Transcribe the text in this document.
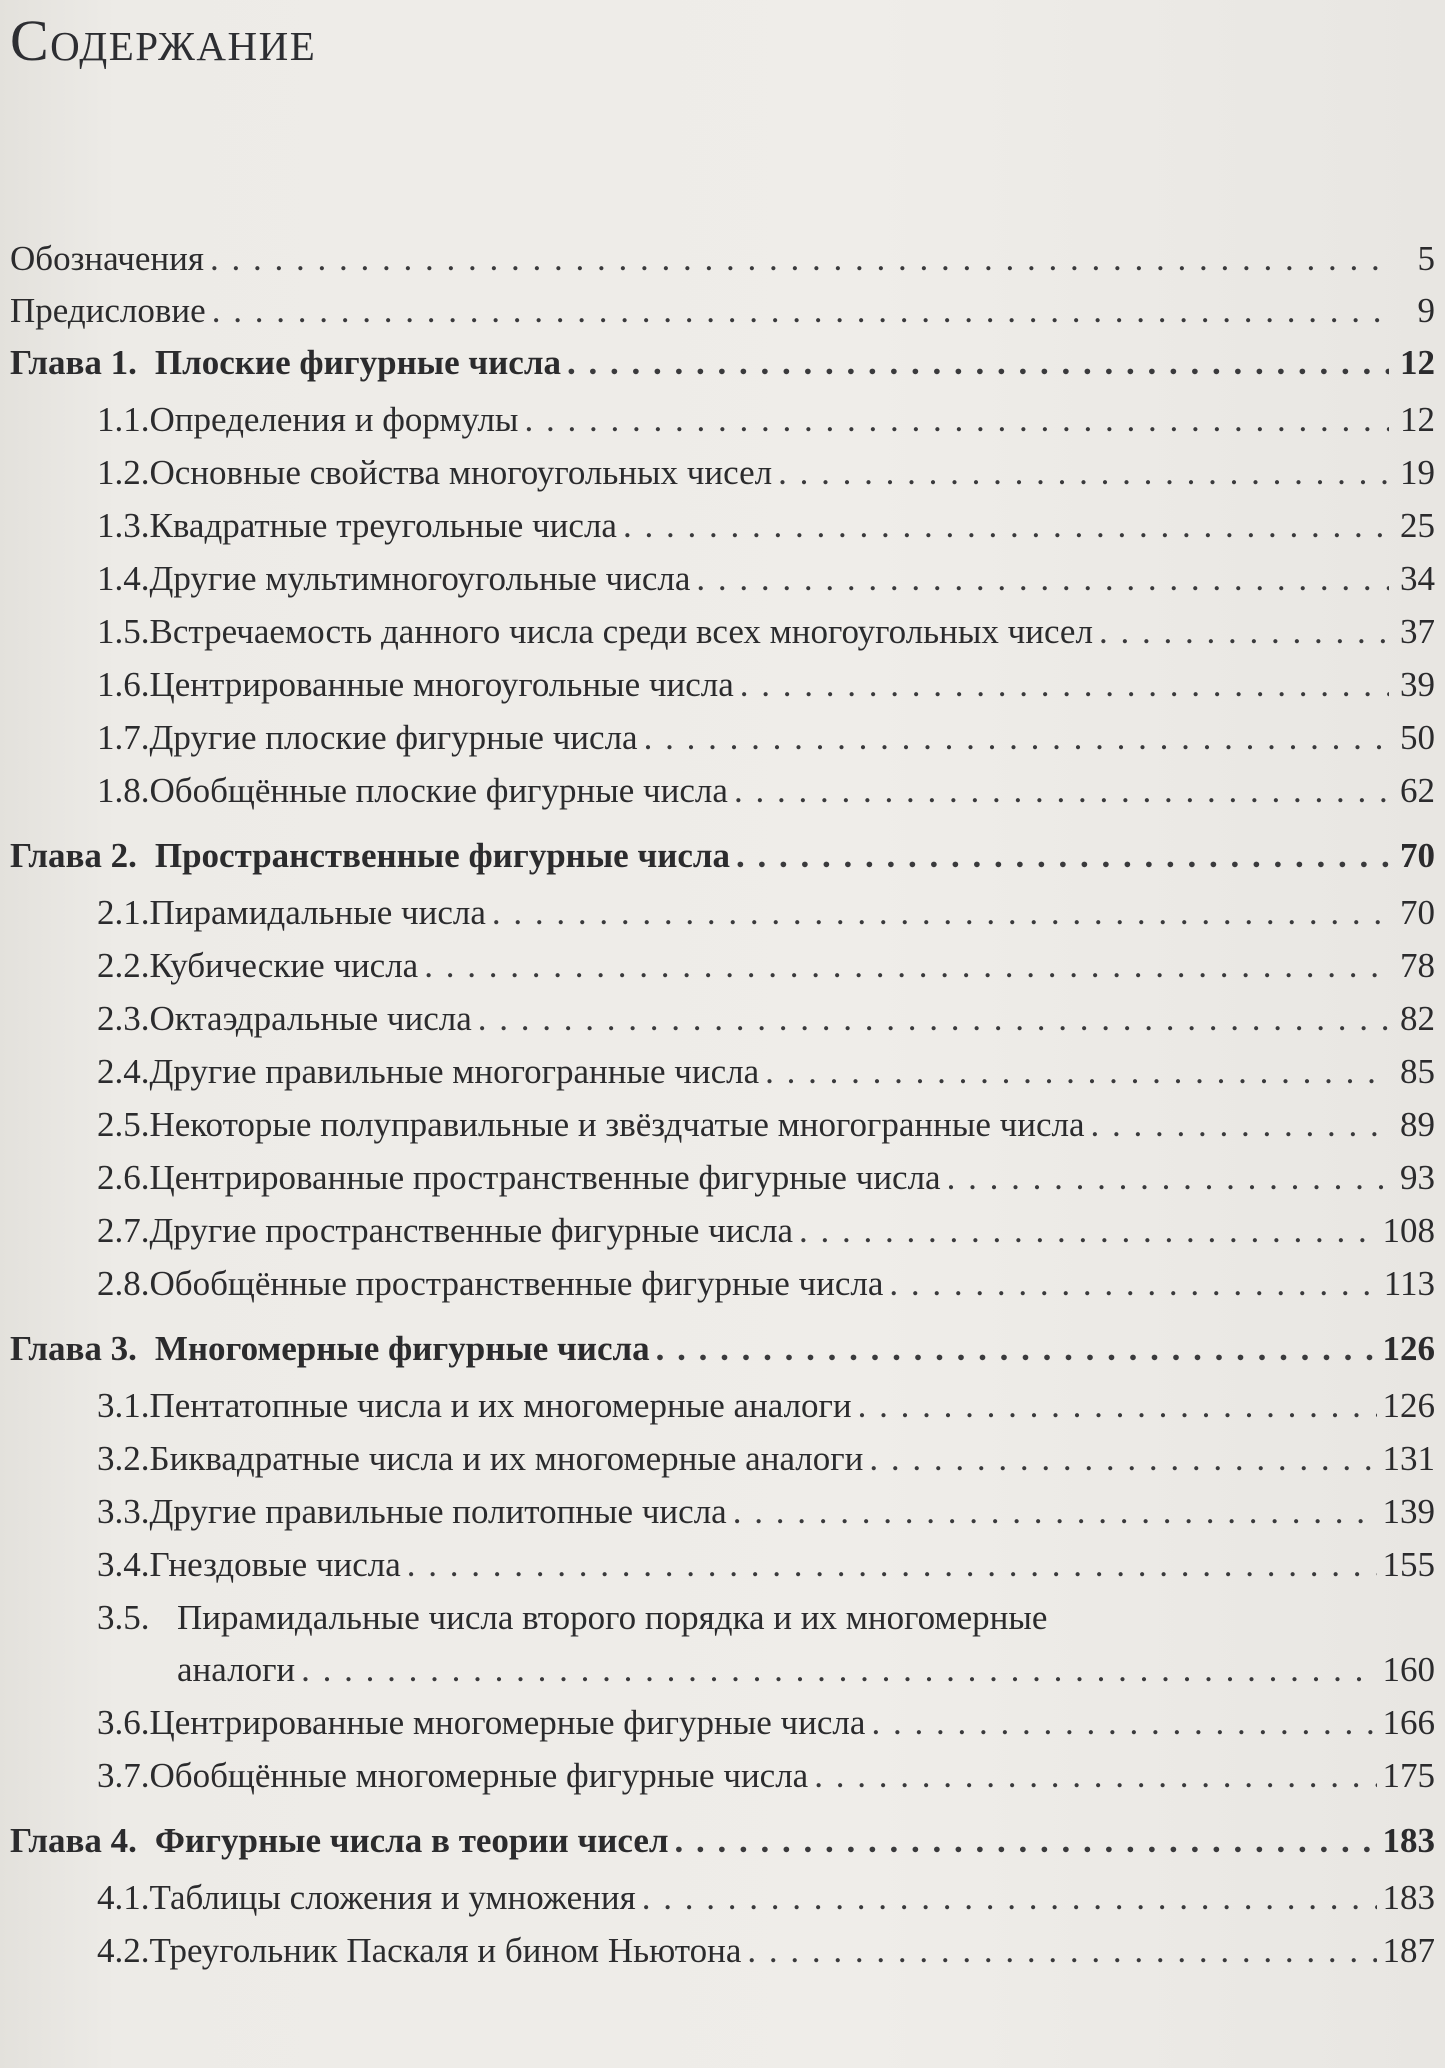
Содержание
Обозначения . . .	5
Предисловие . . .	9
Глава 1. Плоские фигурные числа . . .	12
1.1. Определения и формулы . . .	12
1.2. Основные свойства многоугольных чисел . . .	19
1.3. Квадратные треугольные числа . . .	25
1.4. Другие мультимногоугольные числа . . .	34
1.5. Встречаемость данного числа среди всех многоугольных чисел . . .	37
1.6. Центрированные многоугольные числа . . .	39
1.7. Другие плоские фигурные числа . . .	50
1.8. Обобщённые плоские фигурные числа . . .	62
Глава 2. Пространственные фигурные числа . . .	70
2.1. Пирамидальные числа . . .	70
2.2. Кубические числа . . .	78
2.3. Октаэдральные числа . . .	82
2.4. Другие правильные многогранные числа . . .	85
2.5. Некоторые полуправильные и звёздчатые многогранные числа . . .	89
2.6. Центрированные пространственные фигурные числа . . .	93
2.7. Другие пространственные фигурные числа . . .	108
2.8. Обобщённые пространственные фигурные числа . . .	113
Глава 3. Многомерные фигурные числа . . .	126
3.1. Пентатопные числа и их многомерные аналоги . . .	126
3.2. Биквадратные числа и их многомерные аналоги . . .	131
3.3. Другие правильные политопные числа . . .	139
3.4. Гнездовые числа . . .	155
3.5. Пирамидальные числа второго порядка и их многомерные
аналоги . . .	160
3.6. Центрированные многомерные фигурные числа . . .	166
3.7. Обобщённые многомерные фигурные числа . . .	175
Глава 4. Фигурные числа в теории чисел . . .	183
4.1. Таблицы сложения и умножения . . .	183
4.2. Треугольник Паскаля и бином Ньютона . . .	187
